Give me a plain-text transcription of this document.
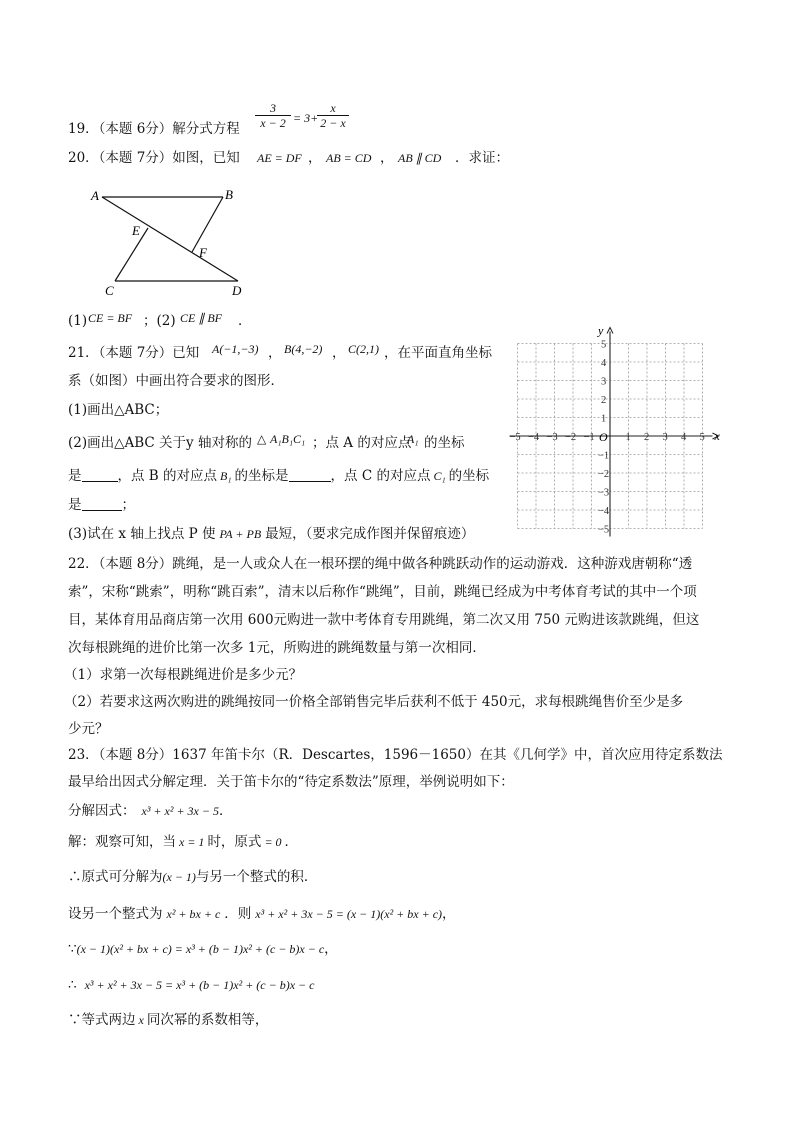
19．（本题 6分）解分式方程 $\frac{3}{x - 2} = 3+$
$\frac{x}{2 - x}$
20．（本题 7分）如图，已知 AE = DF ， AB = CD ， AB ∥ CD ．求证：
A	B
C	D
E
F
(1) CE = BF ；(2) CE ∥ BF ．
21．（本题 7分）已知 A(−1,−3) ， B(4,−2) ， C(2,1) ，在平面直角坐标
系（如图）中画出符合要求的图形．
(1)画出△ABC；
(2)画出△ABC 关于y 轴对称的 △ A₁B₁C₁ ；点 A 的对应点
A₁ 的坐标
是	，点 B 的对应点 B₁ 的坐标是	，点 C 的对应点 C₁ 的坐标
是	；
(3)试在 x 轴上找点 P 使 PA + PB 最短，（要求完成作图并保留痕迹）
x
y
O
−5 −4 −3 −2 −1	1 2 3 4 5
5
4
3
2
1
−1
−2
−3
−4
−5
22．（本题 8分）跳绳，是一人或众人在一根环摆的绳中做各种跳跃动作的运动游戏．这种游戏唐朝称“透
索”，宋称“跳索”，明称“跳百索”，清末以后称作“跳绳”，目前，跳绳已经成为中考体育考试的其中一个项
目，某体育用品商店第一次用 600元购进一款中考体育专用跳绳，第二次又用 750 元购进该款跳绳，但这
次每根跳绳的进价比第一次多 1元，所购进的跳绳数量与第一次相同．
（1）求第一次每根跳绳进价是多少元？
（2）若要求这两次购进的跳绳按同一价格全部销售完毕后获利不低于 450元，求每根跳绳售价至少是多
少元？
23．（本题 8分）1637 年笛卡尔（R．Descartes，1596－1650）在其《几何学》中，首次应用待定系数法
最早给出因式分解定理．关于笛卡尔的“待定系数法”原理，举例说明如下：
分解因式： x³ + x² + 3x − 5．
解：观察可知，当 x = 1 时，原式 = 0 ．
∴原式可分解为(x − 1)与另一个整式的积．
设另一个整式为 x² + bx + c ．则 x³ + x² + 3x − 5 = (x − 1)(x² + bx + c)，
∵(x − 1)(x² + bx + c) = x³ + (b − 1)x² + (c − b)x − c，
∴ x³ + x² + 3x − 5 = x³ + (b − 1)x² + (c − b)x − c
∵等式两边 x 同次幂的系数相等，
